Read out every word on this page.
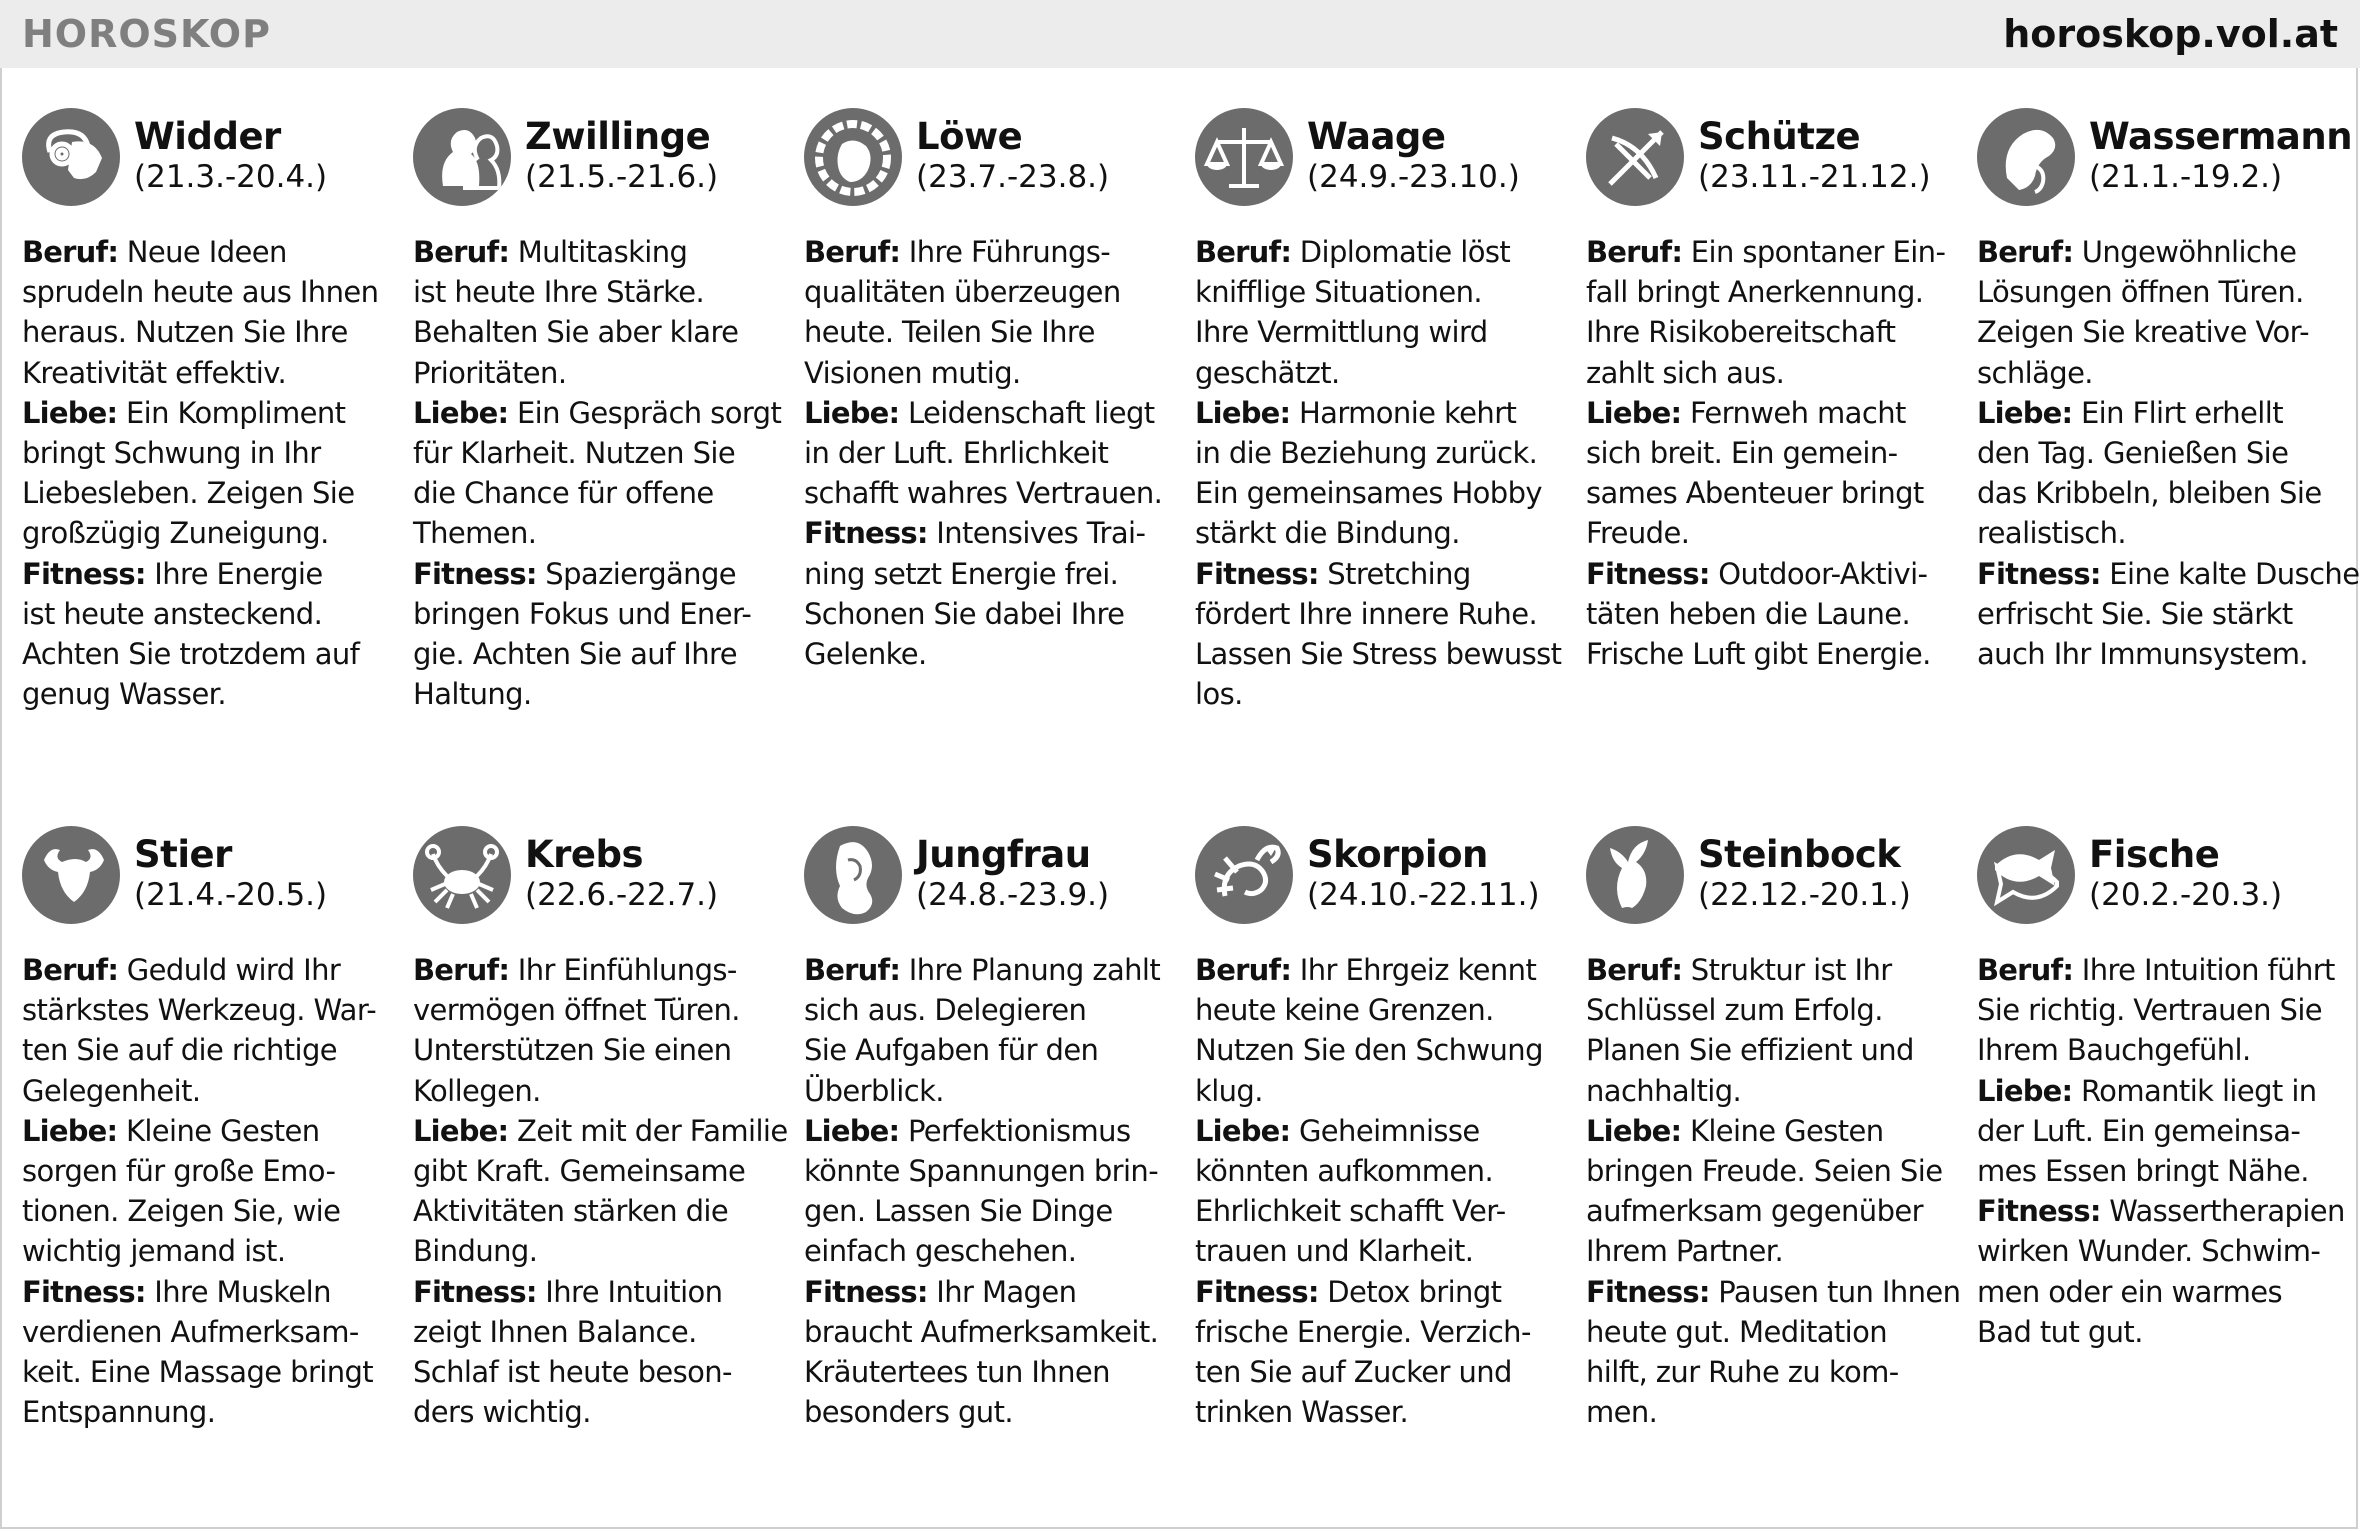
HOROSKOP	horoskop.vol.at
Widder
(21.3.-20.4.)
Beruf: Neue Ideen
sprudeln heute aus Ihnen
heraus. Nutzen Sie Ihre
Kreativität effektiv.
Liebe: Ein Kompliment
bringt Schwung in Ihr
Liebesleben. Zeigen Sie
großzügig Zuneigung.
Fitness: Ihre Energie
ist heute ansteckend.
Achten Sie trotzdem auf
genug Wasser.
Zwillinge
(21.5.-21.6.)
Beruf: Multitasking
ist heute Ihre Stärke.
Behalten Sie aber klare
Prioritäten.
Liebe: Ein Gespräch sorgt
für Klarheit. Nutzen Sie
die Chance für offene
Themen.
Fitness: Spaziergänge
bringen Fokus und Ener-
gie. Achten Sie auf Ihre
Haltung.
Löwe
(23.7.-23.8.)
Beruf: Ihre Führungs-
qualitäten überzeugen
heute. Teilen Sie Ihre
Visionen mutig.
Liebe: Leidenschaft liegt
in der Luft. Ehrlichkeit
schafft wahres Vertrauen.
Fitness: Intensives Trai-
ning setzt Energie frei.
Schonen Sie dabei Ihre
Gelenke.
Waage
(24.9.-23.10.)
Beruf: Diplomatie löst
knifflige Situationen.
Ihre Vermittlung wird
geschätzt.
Liebe: Harmonie kehrt
in die Beziehung zurück.
Ein gemeinsames Hobby
stärkt die Bindung.
Fitness: Stretching
fördert Ihre innere Ruhe.
Lassen Sie Stress bewusst
los.
Schütze
(23.11.-21.12.)
Beruf: Ein spontaner Ein-
fall bringt Anerkennung.
Ihre Risikobereitschaft
zahlt sich aus.
Liebe: Fernweh macht
sich breit. Ein gemein-
sames Abenteuer bringt
Freude.
Fitness: Outdoor-Aktivi-
täten heben die Laune.
Frische Luft gibt Energie.
Wassermann
(21.1.-19.2.)
Beruf: Ungewöhnliche
Lösungen öffnen Türen.
Zeigen Sie kreative Vor-
schläge.
Liebe: Ein Flirt erhellt
den Tag. Genießen Sie
das Kribbeln, bleiben Sie
realistisch.
Fitness: Eine kalte Dusche
erfrischt Sie. Sie stärkt
auch Ihr Immunsystem.
Stier
(21.4.-20.5.)
Beruf: Geduld wird Ihr
stärkstes Werkzeug. War-
ten Sie auf die richtige
Gelegenheit.
Liebe: Kleine Gesten
sorgen für große Emo-
tionen. Zeigen Sie, wie
wichtig jemand ist.
Fitness: Ihre Muskeln
verdienen Aufmerksam-
keit. Eine Massage bringt
Entspannung.
Krebs
(22.6.-22.7.)
Beruf: Ihr Einfühlungs-
vermögen öffnet Türen.
Unterstützen Sie einen
Kollegen.
Liebe: Zeit mit der Familie
gibt Kraft. Gemeinsame
Aktivitäten stärken die
Bindung.
Fitness: Ihre Intuition
zeigt Ihnen Balance.
Schlaf ist heute beson-
ders wichtig.
Jungfrau
(24.8.-23.9.)
Beruf: Ihre Planung zahlt
sich aus. Delegieren
Sie Aufgaben für den
Überblick.
Liebe: Perfektionismus
könnte Spannungen brin-
gen. Lassen Sie Dinge
einfach geschehen.
Fitness: Ihr Magen
braucht Aufmerksamkeit.
Kräutertees tun Ihnen
besonders gut.
Skorpion
(24.10.-22.11.)
Beruf: Ihr Ehrgeiz kennt
heute keine Grenzen.
Nutzen Sie den Schwung
klug.
Liebe: Geheimnisse
könnten aufkommen.
Ehrlichkeit schafft Ver-
trauen und Klarheit.
Fitness: Detox bringt
frische Energie. Verzich-
ten Sie auf Zucker und
trinken Wasser.
Steinbock
(22.12.-20.1.)
Beruf: Struktur ist Ihr
Schlüssel zum Erfolg.
Planen Sie effizient und
nachhaltig.
Liebe: Kleine Gesten
bringen Freude. Seien Sie
aufmerksam gegenüber
Ihrem Partner.
Fitness: Pausen tun Ihnen
heute gut. Meditation
hilft, zur Ruhe zu kom-
men.
Fische
(20.2.-20.3.)
Beruf: Ihre Intuition führt
Sie richtig. Vertrauen Sie
Ihrem Bauchgefühl.
Liebe: Romantik liegt in
der Luft. Ein gemeinsa-
mes Essen bringt Nähe.
Fitness: Wassertherapien
wirken Wunder. Schwim-
men oder ein warmes
Bad tut gut.
